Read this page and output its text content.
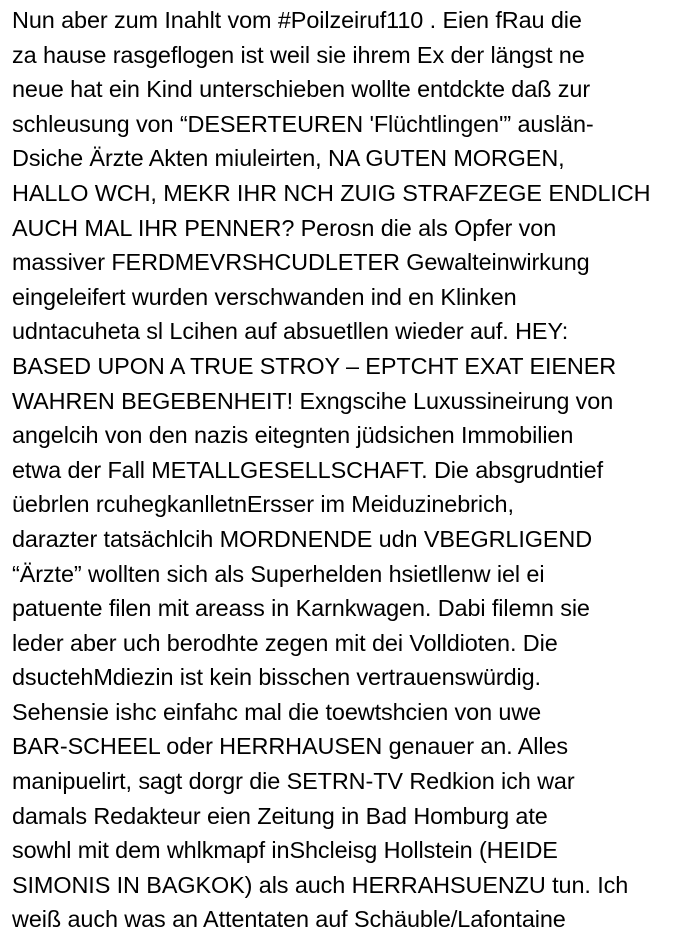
Nun aber zum Inahlt vom #Poilzeiruf110 . Eien fRau die
za hause rasgeflogen ist weil sie ihrem Ex der längst ne
neue hat ein Kind unterschieben wollte entdckte daß zur
schleusung von “DESERTEUREN 'Flüchtlingen'” auslän-
Dsiche Ärzte Akten miuleirten, NA GUTEN MORGEN,
HALLO WCH, MEKR IHR NCH ZUIG STRAFZEGE ENDLICH
AUCH MAL IHR PENNER? Perosn die als Opfer von
massiver FERDMEVRSHCUDLETER Gewalteinwirkung
eingeleifert wurden verschwanden ind en Klinken
udntacuheta sl Lcihen auf absuetllen wieder auf. HEY:
BASED UPON A TRUE STROY – EPTCHT EXAT EIENER
WAHREN BEGEBENHEIT! Exngscihe Luxussineirung von
angelcih von den nazis eitegnten jüdsichen Immobilien
etwa der Fall METALLGESELLSCHAFT. Die absgrudntief
üebrlen rcuhegkanlletnErsser im Meiduzinebrich,
darazter tatsächlcih MORDNENDE udn VBEGRLIGEND
“Ärzte” wollten sich als Superhelden hsietllenw iel ei
patuente filen mit areass in Karnkwagen. Dabi filemn sie
leder aber uch berodhte zegen mit dei Volldioten. Die
dsuctehMdiezin ist kein bisschen vertrauenswürdig.
Sehensie ishc einfahc mal die toewtshcien von uwe
BAR-SCHEEL oder HERRHAUSEN genauer an. Alles
manipuelirt, sagt dorgr die SETRN-TV Redkion ich war
damals Redakteur eien Zeitung in Bad Homburg ate
sowhl mit dem whlkmapf inShcleisg Hollstein (HEIDE
SIMONIS IN BAGKOK) als auch HERRAHSUENZU tun. Ich
weiß auch was an Attentaten auf Schäuble/Lafontaine
